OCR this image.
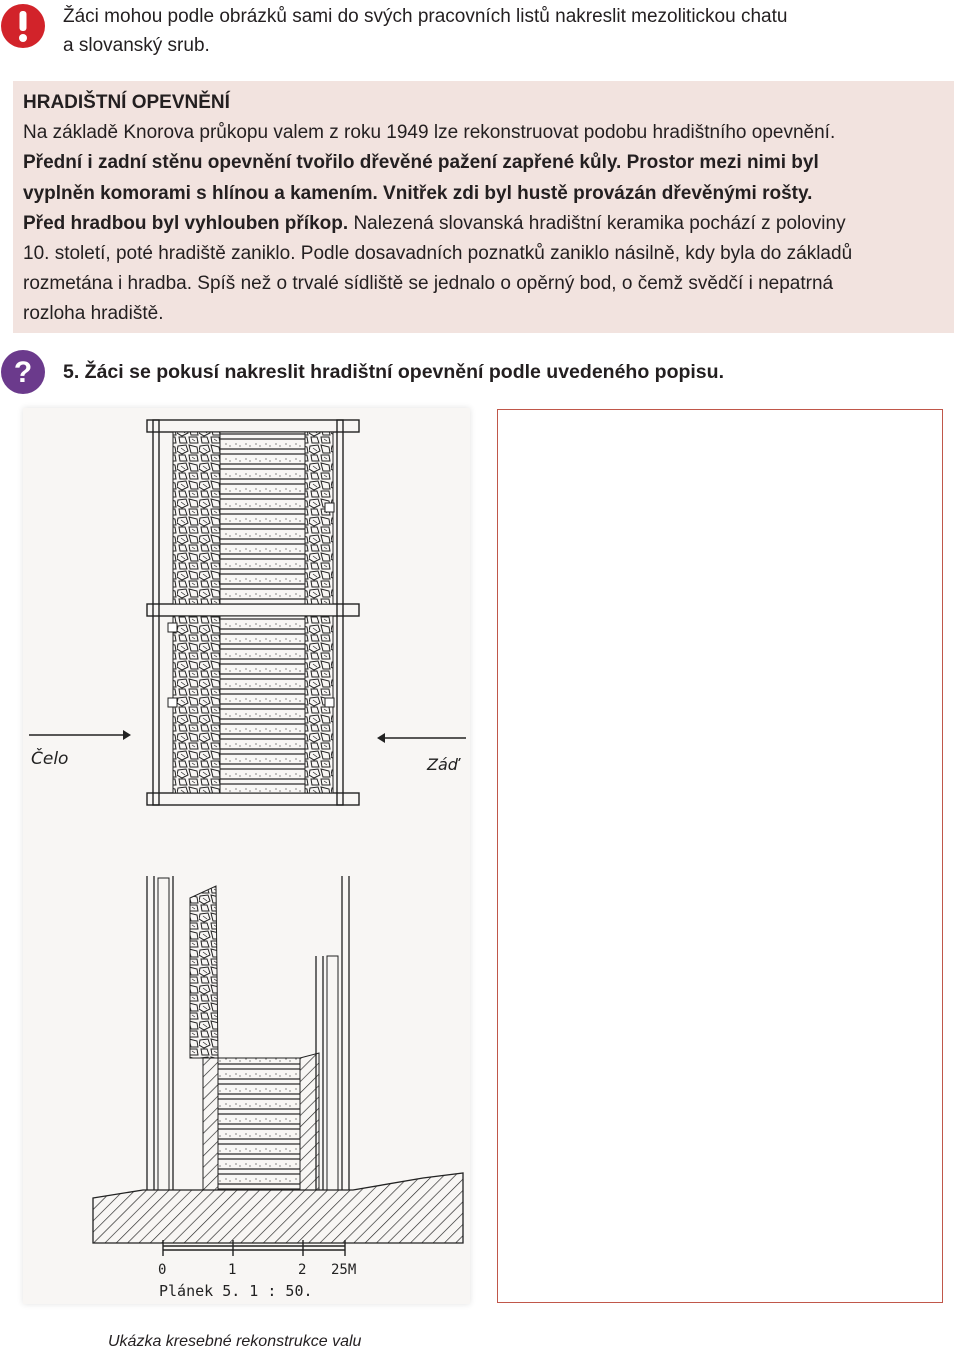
Žáci mohou podle obrázků sami do svých pracovních listů nakreslit mezolitickou chatu
a slovanský srub.
HRADIŠTNÍ OPEVNĚNÍ
Na základě Knorova průkopu valem z roku 1949 lze rekonstruovat podobu hradištního opevnění.
Přední i zadní stěnu opevnění tvořilo dřevěné pažení zapřené kůly. Prostor mezi nimi byl
vyplněn komorami s hlínou a kamením. Vnitřek zdi byl hustě provázán dřevěnými rošty.
Před hradbou byl vyhlouben příkop. Nalezená slovanská hradištní keramika pochází z poloviny
10. století, poté hradiště zaniklo. Podle dosavadních poznatků zaniklo násilně, kdy byla do základů
rozmetána i hradba. Spíš než o trvalé sídliště se jednalo o opěrný bod, o čemž svědčí i nepatrná
rozloha hradiště.
? 5. Žáci se pokusí nakreslit hradištní opevnění podle uvedeného popisu.
Čelo	Záď
0	1	2 25M
Plánek 5. 1 : 50.
Ukázka kresebné rekonstrukce valu
